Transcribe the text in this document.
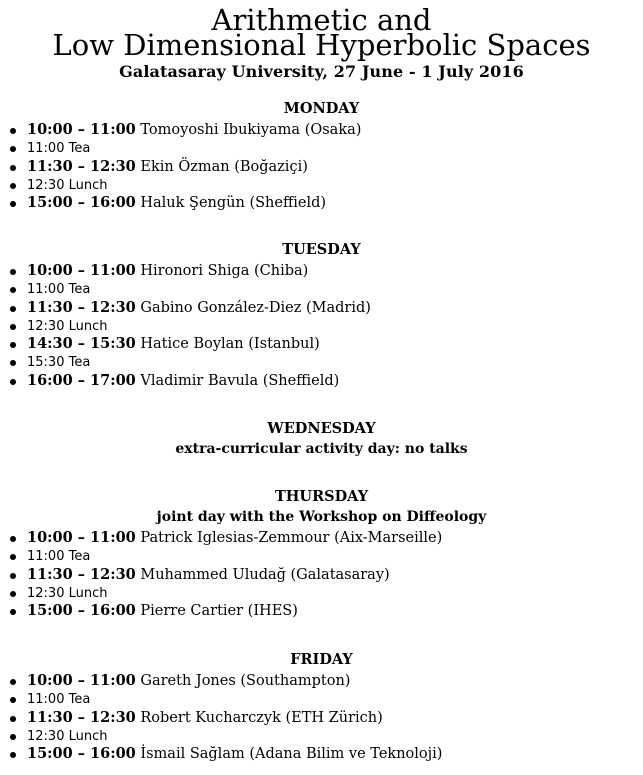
Arithmetic and
Low Dimensional Hyperbolic Spaces
Galatasaray University, 27 June - 1 July 2016
MONDAY
10:00 – 11:00 Tomoyoshi Ibukiyama (Osaka)
11:00 Tea
11:30 – 12:30 Ekin Özman (Boğaziçi)
12:30 Lunch
15:00 – 16:00 Haluk Şengün (Sheffield)
TUESDAY
10:00 – 11:00 Hironori Shiga (Chiba)
11:00 Tea
11:30 – 12:30 Gabino González-Diez (Madrid)
12:30 Lunch
14:30 – 15:30 Hatice Boylan (Istanbul)
15:30 Tea
16:00 – 17:00 Vladimir Bavula (Sheffield)
WEDNESDAY
extra-curricular activity day: no talks
THURSDAY
joint day with the Workshop on Diffeology
10:00 – 11:00 Patrick Iglesias-Zemmour (Aix-Marseille)
11:00 Tea
11:30 – 12:30 Muhammed Uludağ (Galatasaray)
12:30 Lunch
15:00 – 16:00 Pierre Cartier (IHES)
FRIDAY
10:00 – 11:00 Gareth Jones (Southampton)
11:00 Tea
11:30 – 12:30 Robert Kucharczyk (ETH Zürich)
12:30 Lunch
15:00 – 16:00 İsmail Sağlam (Adana Bilim ve Teknoloji)
